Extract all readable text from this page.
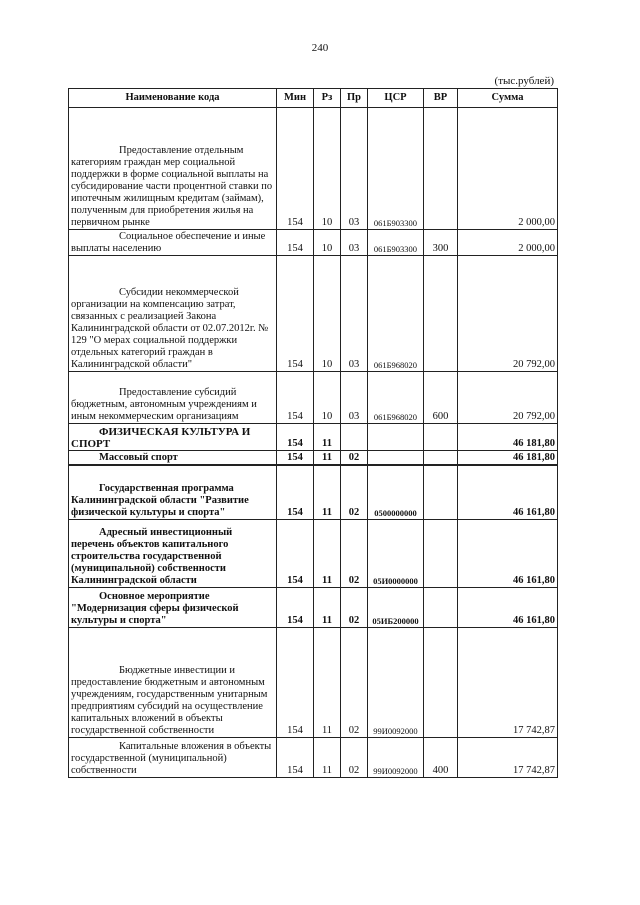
240
(тыс.рублей)
Наименование кода	Мин	Рз	Пр	ЦСР	ВР	Сумма
Предоставление отдельным категориям граждан мер социальной поддержки в форме социальной выплаты на субсидирование части процентной ставки по ипотечным жилищным кредитам (займам), полученным для приобретения жилья на первичном рынке	154	10	03	061Б903300		2 000,00
Социальное обеспечение и иные выплаты населению	154	10	03	061Б903300	300	2 000,00
Субсидии некоммерческой организации на компенсацию затрат, связанных с реализацией Закона Калининградской области от 02.07.2012г. № 129 "О мерах социальной поддержки отдельных категорий граждан в Калининградской области"	154	10	03	061Б968020		20 792,00
Предоставление субсидий бюджетным, автономным учреждениям и иным некоммерческим организациям	154	10	03	061Б968020	600	20 792,00
ФИЗИЧЕСКАЯ КУЛЬТУРА И СПОРТ	154	11				46 181,80
Массовый спорт	154	11	02			46 181,80
Государственная программа Калининградской области "Развитие физической культуры и спорта"	154	11	02	0500000000		46 161,80
Адресный инвестиционный перечень объектов капитального строительства государственной (муниципальной) собственности Калининградской области	154	11	02	05И0000000		46 161,80
Основное мероприятие "Модернизация сферы физической культуры и спорта"	154	11	02	05ИБ200000		46 161,80
Бюджетные инвестиции и предоставление бюджетным и автономным учреждениям, государственным унитарным предприятиям субсидий на осуществление капитальных вложений в объекты государственной собственности	154	11	02	99И0092000		17 742,87
Капитальные вложения в объекты государственной (муниципальной) собственности	154	11	02	99И0092000	400	17 742,87
